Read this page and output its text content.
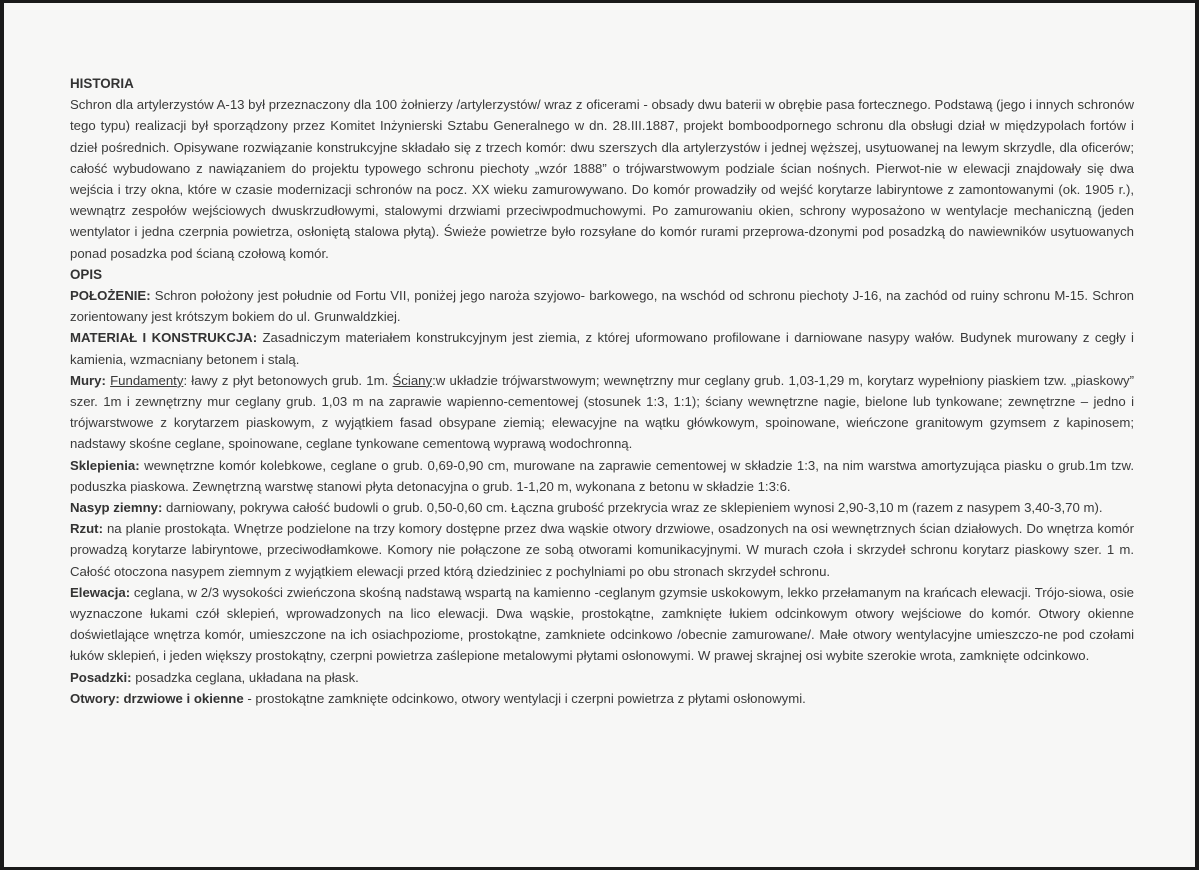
HISTORIA

Schron dla artylerzystów A-13 był przeznaczony dla 100 żołnierzy /artylerzystów/ wraz z oficerami - obsady dwu baterii w obrębie pasa fortecznego. Podstawą (jego i innych schronów tego typu) realizacji był sporządzony przez Komitet Inżynierski Sztabu Generalnego w dn. 28.III.1887, projekt bomboodpornego schronu dla obsługi dział w międzypolach fortów i dzieł pośrednich. Opisywane rozwiązanie konstrukcyjne składało się z trzech komór: dwu szerszych dla artylerzystów i jednej węższej, usytuowanej na lewym skrzydle, dla oficerów; całość wybudowano z nawiązaniem do projektu typowego schronu piechoty „wzór 1888” o trójwarstwowym podziale ścian nośnych. Pierwot-nie w elewacji znajdowały się dwa wejścia i trzy okna, które w czasie modernizacji schronów na pocz. XX wieku zamurowywano. Do komór prowadziły od wejść korytarze labiryntowe z zamontowanymi (ok. 1905 r.), wewnątrz zespołów wejściowych dwuskrzudłowymi, stalowymi drzwiami przeciwpodmuchowymi. Po zamurowaniu okien, schrony wyposażono w wentylacje mechaniczną (jeden wentylator i jedna czerpnia powietrza, osłoniętą stalowa płytą). Świeże powietrze było rozsyłane do komór rurami przeprowa-dzonymi pod posadzką do nawiewników usytuowanych ponad posadzka pod ścianą czołową komór.

OPIS

POŁOŻENIE: Schron położony jest południe od Fortu VII, poniżej jego naroża szyjowo- barkowego, na wschód od schronu piechoty J-16, na zachód od ruiny schronu M-15. Schron zorientowany jest krótszym bokiem do ul. Grunwaldzkiej.

MATERIAŁ I KONSTRUKCJA: Zasadniczym materiałem konstrukcyjnym jest ziemia, z której uformowano profilowane i darniowane nasypy wałów. Budynek murowany z cegły i kamienia, wzmacniany betonem i stalą.

Mury: Fundamenty: ławy z płyt betonowych grub. 1m. Ściany:w układzie trójwarstwowym; wewnętrzny mur ceglany grub. 1,03-1,29 m, korytarz wypełniony piaskiem tzw. „piaskowy” szer. 1m i zewnętrzny mur ceglany grub. 1,03 m na zaprawie wapienno-cementowej (stosunek 1:3, 1:1); ściany wewnętrzne nagie, bielone lub tynkowane; zewnętrzne – jedno i trójwarstwowe z korytarzem piaskowym, z wyjątkiem fasad obsypane ziemią; elewacyjne na wątku główkowym, spoinowane, wieńczone granitowym gzymsem z kapinosem; nadstawy skośne ceglane, spoinowane, ceglane tynkowane cementową wyprawą wodochronną.

Sklepienia: wewnętrzne komór kolebkowe, ceglane o grub. 0,69-0,90 cm, murowane na zaprawie cementowej w składzie 1:3, na nim warstwa amortyzująca piasku o grub.1m tzw. poduszka piaskowa. Zewnętrzną warstwę stanowi płyta detonacyjna o grub. 1-1,20 m, wykonana z betonu w składzie 1:3:6.

Nasyp ziemny: darniowany, pokrywa całość budowli o grub. 0,50-0,60 cm. Łączna grubość przekrycia wraz ze sklepieniem wynosi 2,90-3,10 m (razem z nasypem 3,40-3,70 m).

Rzut: na planie prostokąta. Wnętrze podzielone na trzy komory dostępne przez dwa wąskie otwory drzwiowe, osadzonych na osi wewnętrznych ścian działowych. Do wnętrza komór prowadzą korytarze labiryntowe, przeciwodłamkowe. Komory nie połączone ze sobą otworami komunikacyjnymi. W murach czoła i skrzydeł schronu korytarz piaskowy szer. 1 m. Całość otoczona nasypem ziemnym z wyjątkiem elewacji przed którą dziedziniec z pochylniami po obu stronach skrzydeł schronu.

Elewacja: ceglana, w 2/3 wysokości zwieńczona skośną nadstawą wspartą na kamienno -ceglanym gzymsie uskokowym, lekko przełamanym na krańcach elewacji. Trójo-siowa, osie wyznaczone łukami czół sklepień, wprowadzonych na lico elewacji. Dwa wąskie, prostokątne, zamknięte łukiem odcinkowym otwory wejściowe do komór. Otwory okienne doświetlające wnętrza komór, umieszczone na ich osiachpoziome, prostokątne, zamkniete odcinkowo /obecnie zamurowane/. Małe otwory wentylacyjne umieszczo-ne pod czołami łuków sklepień, i jeden większy prostokątny, czerpni powietrza zaślepione metalowymi płytami osłonowymi. W prawej skrajnej osi wybite szerokie wrota, zamknięte odcinkowo.

Posadzki: posadzka ceglana, układana na płask.

Otwory: drzwiowe i okienne - prostokątne zamknięte odcinkowo, otwory wentylacji i czerpni powietrza z płytami osłonowymi.
